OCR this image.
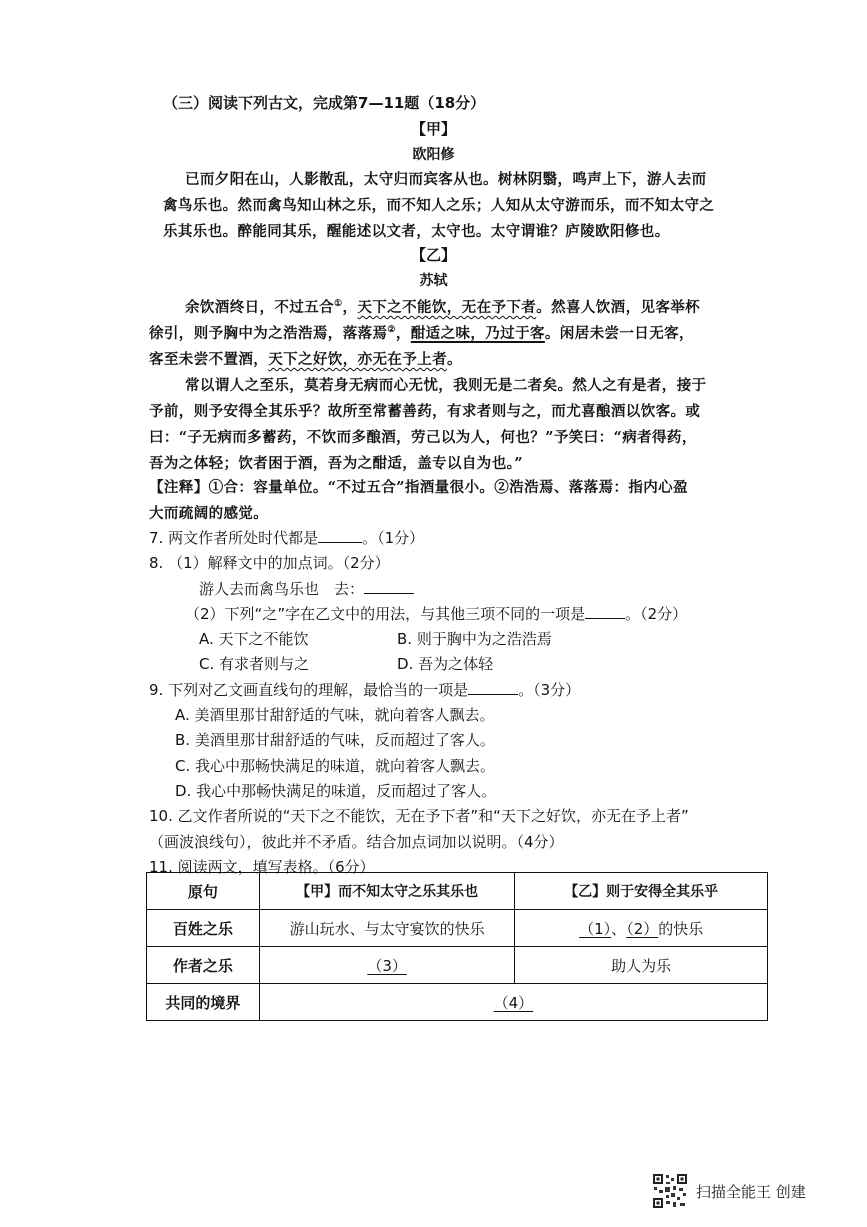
（三）阅读下列古文，完成第7—11题（18分）
【甲】
欧阳修
已而夕阳在山，人影散乱，太守归而宾客从也。树林阴翳，鸣声上下，游人去而
禽鸟乐也。然而禽鸟知山林之乐，而不知人之乐；人知从太守游而乐，而不知太守之
乐其乐也。醉能同其乐，醒能述以文者，太守也。太守谓谁？庐陵欧阳修也。
【乙】
苏轼
余饮酒终日，不过五合①，天下之不能饮，无在予下者。然喜人饮酒，见客举杯
徐引，则予胸中为之浩浩焉，落落焉②，酣适之味，乃过于客。闲居未尝一日无客，
客至未尝不置酒，天下之好饮，亦无在予上者。
常以谓人之至乐，莫若身无病而心无忧，我则无是二者矣。然人之有是者，接于
予前，则予安得全其乐乎？故所至常蓄善药，有求者则与之，而尤喜酿酒以饮客。或
曰：“子无病而多蓄药，不饮而多酿酒，劳己以为人，何也？”予笑曰：“病者得药，
吾为之体轻；饮者困于酒，吾为之酣适，盖专以自为也。”
【注释】①合：容量单位。“不过五合”指酒量很小。②浩浩焉、落落焉：指内心盈
大而疏阔的感觉。
7. 两文作者所处时代都是	。（1分）
8. （1）解释文中的加点词。（2分）
游人去而禽鸟乐也　去：
（2）下列“之”字在乙文中的用法，与其他三项不同的一项是	。（2分）
A. 天下之不能饮	B. 则于胸中为之浩浩焉
C. 有求者则与之	D. 吾为之体轻
9. 下列对乙文画直线句的理解，最恰当的一项是	。（3分）
A. 美酒里那甘甜舒适的气味，就向着客人飘去。
B. 美酒里那甘甜舒适的气味，反而超过了客人。
C. 我心中那畅快满足的味道，就向着客人飘去。
D. 我心中那畅快满足的味道，反而超过了客人。
10. 乙文作者所说的“天下之不能饮，无在予下者”和“天下之好饮，亦无在予上者”
（画波浪线句），彼此并不矛盾。结合加点词加以说明。（4分）
11. 阅读两文，填写表格。（6分）
原句	【甲】而不知太守之乐其乐也	【乙】则于安得全其乐乎
百姓之乐	游山玩水、与太守宴饮的快乐	（1）、（2）的快乐
作者之乐	（3）	助人为乐
共同的境界	（4）	
扫描全能王 创建
